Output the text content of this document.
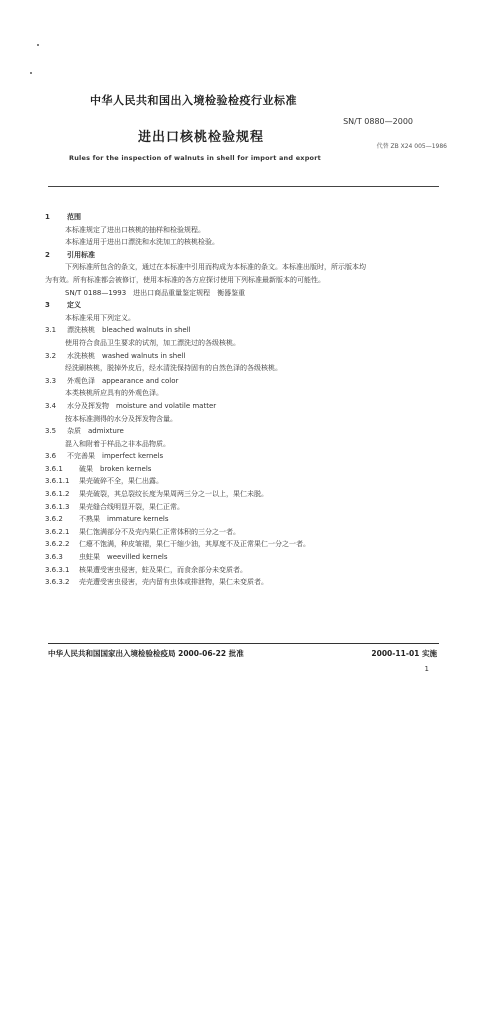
中华人民共和国出入境检验检疫行业标准
SN/T 0880—2000
进出口核桃检验规程
代替 ZB X24 005—1986
Rules for the inspection of walnuts in shell for import and export
1 范围
本标准规定了进出口核桃的抽样和检验规程。
本标准适用于进出口漂洗和水洗加工的核桃检验。
2 引用标准
下列标准所包含的条文，通过在本标准中引用而构成为本标准的条文。本标准出版时，所示版本均
为有效。所有标准都会被修订，使用本标准的各方应探讨使用下列标准最新版本的可能性。
SN/T 0188—1993　进出口商品重量鉴定规程　衡器鉴重
3 定义
本标准采用下列定义。
3.1 漂洗核桃　bleached walnuts in shell
使用符合食品卫生要求的试剂，加工漂洗过的各级核桃。
3.2 水洗核桃　washed walnuts in shell
经洗刷核桃，脱掉外皮后，经水清洗保持固有的自然色泽的各级核桃。
3.3 外观色泽　appearance and color
本类核桃所应具有的外观色泽。
3.4 水分及挥发物　moisture and volatile matter
按本标准测得的水分及挥发物含量。
3.5 杂质　admixture
混入和附着于样品之非本品物质。
3.6 不完善果　imperfect kernels
3.6.1 破果　broken kernels
3.6.1.1 果壳破碎不全，果仁出露。
3.6.1.2 果壳破裂，其总裂纹长度为果周两三分之一以上，果仁未脱。
3.6.1.3 果壳缝合线明显开裂，果仁正常。
3.6.2 不熟果　immature kernels
3.6.2.1 果仁饱满部分不及壳内果仁正常体积的三分之一者。
3.6.2.2 仁瘪不饱满，种皮皱褶，果仁干缩少油，其厚度不及正常果仁一分之一者。
3.6.3 虫蛀果　weevilled kernels
3.6.3.1 核果遭受害虫侵害，蛀及果仁，而食余部分未变质者。
3.6.3.2 壳壳遭受害虫侵害，壳内留有虫体或排泄物，果仁未变质者。
中华人民共和国国家出入境检验检疫局 2000-06-22 批准	2000-11-01 实施
1
